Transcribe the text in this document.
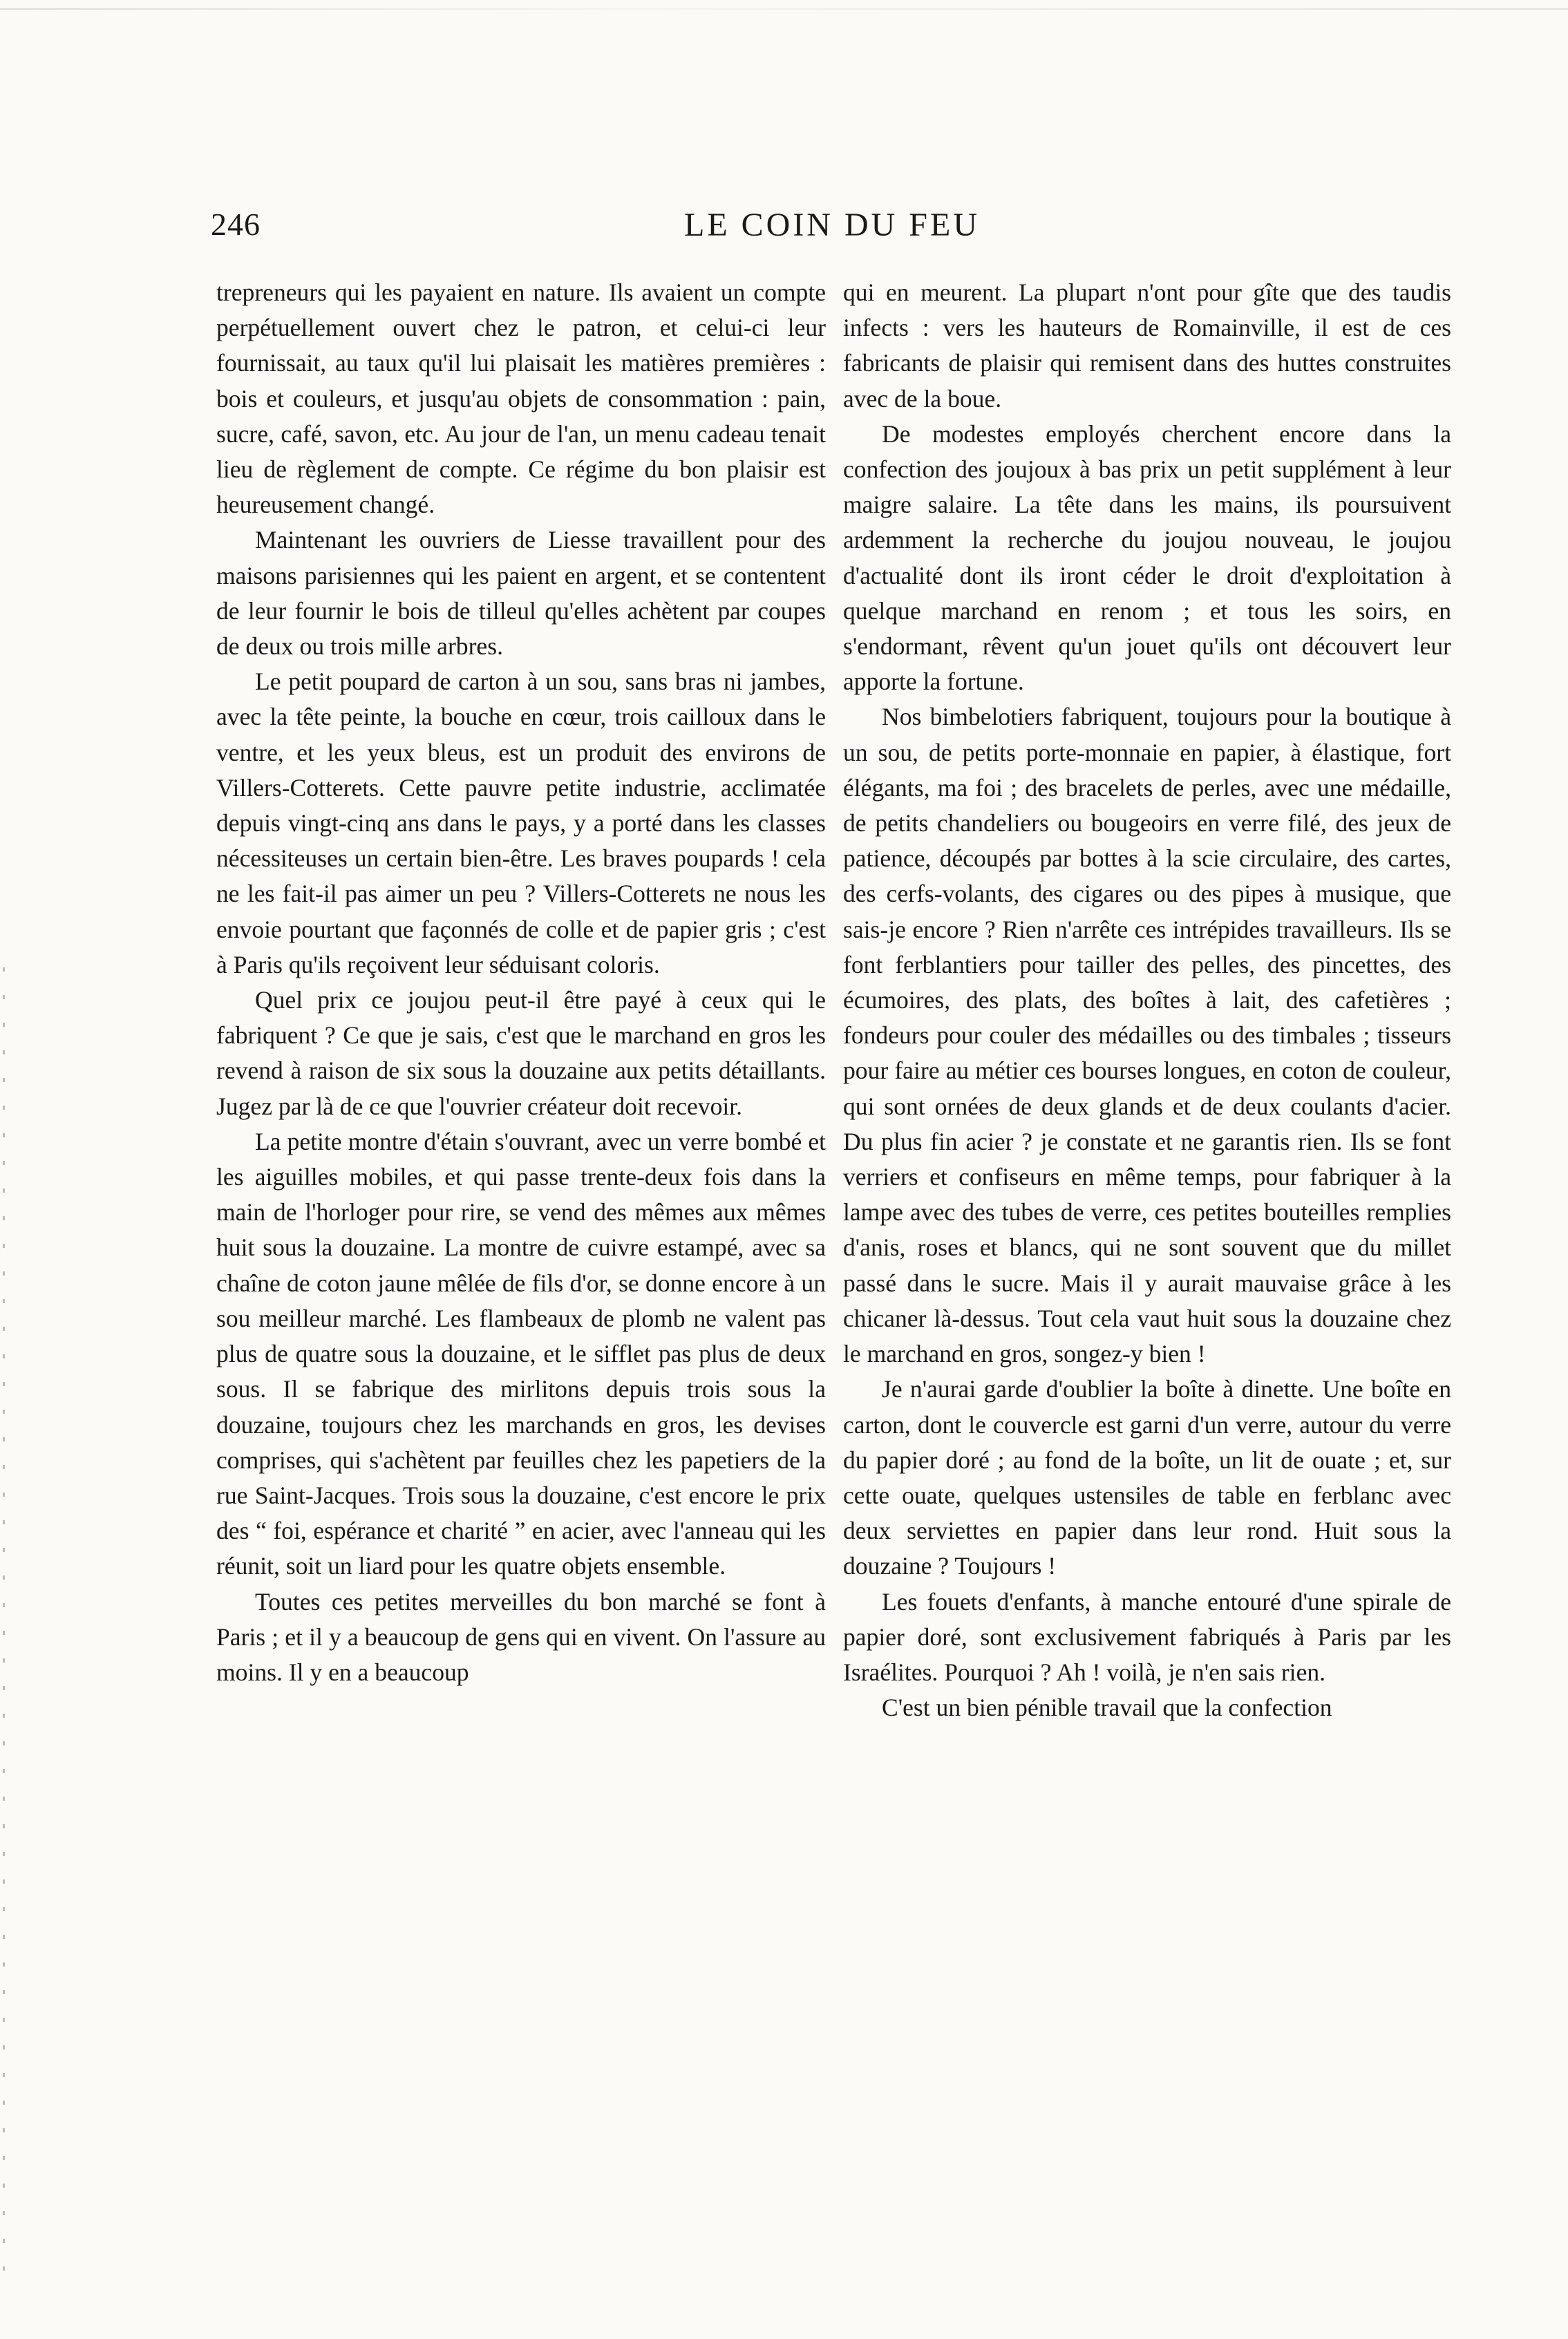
246	LE COIN DU FEU

trepreneurs qui les payaient en nature. Ils avaient un compte perpétuellement ouvert chez le patron, et celui-ci leur fournissait, au taux qu'il lui plaisait les matières premières : bois et couleurs, et jusqu'au objets de consommation : pain, sucre, café, savon, etc. Au jour de l'an, un menu cadeau tenait lieu de règlement de compte. Ce régime du bon plaisir est heureusement changé.

Maintenant les ouvriers de Liesse travaillent pour des maisons parisiennes qui les paient en argent, et se contentent de leur fournir le bois de tilleul qu'elles achètent par coupes de deux ou trois mille arbres.

Le petit poupard de carton à un sou, sans bras ni jambes, avec la tête peinte, la bouche en cœur, trois cailloux dans le ventre, et les yeux bleus, est un produit des environs de Villers-Cotterets. Cette pauvre petite industrie, acclimatée depuis vingt-cinq ans dans le pays, y a porté dans les classes nécessiteuses un certain bien-être. Les braves poupards ! cela ne les fait-il pas aimer un peu ? Villers-Cotterets ne nous les envoie pourtant que façonnés de colle et de papier gris ; c'est à Paris qu'ils reçoivent leur séduisant coloris.

Quel prix ce joujou peut-il être payé à ceux qui le fabriquent ? Ce que je sais, c'est que le marchand en gros les revend à raison de six sous la douzaine aux petits détaillants. Jugez par là de ce que l'ouvrier créateur doit recevoir.

La petite montre d'étain s'ouvrant, avec un verre bombé et les aiguilles mobiles, et qui passe trente-deux fois dans la main de l'horloger pour rire, se vend des mêmes aux mêmes huit sous la douzaine. La montre de cuivre estampé, avec sa chaîne de coton jaune mêlée de fils d'or, se donne encore à un sou meilleur marché. Les flambeaux de plomb ne valent pas plus de quatre sous la douzaine, et le sifflet pas plus de deux sous. Il se fabrique des mirlitons depuis trois sous la douzaine, toujours chez les marchands en gros, les devises comprises, qui s'achètent par feuilles chez les papetiers de la rue Saint-Jacques. Trois sous la douzaine, c'est encore le prix des “ foi, espérance et charité ” en acier, avec l'anneau qui les réunit, soit un liard pour les quatre objets ensemble.

Toutes ces petites merveilles du bon marché se font à Paris ; et il y a beaucoup de gens qui en vivent. On l'assure au moins. Il y en a beaucoup

qui en meurent. La plupart n'ont pour gîte que des taudis infects : vers les hauteurs de Romainville, il est de ces fabricants de plaisir qui remisent dans des huttes construites avec de la boue.

De modestes employés cherchent encore dans la confection des joujoux à bas prix un petit supplément à leur maigre salaire. La tête dans les mains, ils poursuivent ardemment la recherche du joujou nouveau, le joujou d'actualité dont ils iront céder le droit d'exploitation à quelque marchand en renom ; et tous les soirs, en s'endormant, rêvent qu'un jouet qu'ils ont découvert leur apporte la fortune.

Nos bimbelotiers fabriquent, toujours pour la boutique à un sou, de petits porte-monnaie en papier, à élastique, fort élégants, ma foi ; des bracelets de perles, avec une médaille, de petits chandeliers ou bougeoirs en verre filé, des jeux de patience, découpés par bottes à la scie circulaire, des cartes, des cerfs-volants, des cigares ou des pipes à musique, que sais-je encore ? Rien n'arrête ces intrépides travailleurs. Ils se font ferblantiers pour tailler des pelles, des pincettes, des écumoires, des plats, des boîtes à lait, des cafetières ; fondeurs pour couler des médailles ou des timbales ; tisseurs pour faire au métier ces bourses longues, en coton de couleur, qui sont ornées de deux glands et de deux coulants d'acier. Du plus fin acier ? je constate et ne garantis rien. Ils se font verriers et confiseurs en même temps, pour fabriquer à la lampe avec des tubes de verre, ces petites bouteilles remplies d'anis, roses et blancs, qui ne sont souvent que du millet passé dans le sucre. Mais il y aurait mauvaise grâce à les chicaner là-dessus. Tout cela vaut huit sous la douzaine chez le marchand en gros, songez-y bien !

Je n'aurai garde d'oublier la boîte à dinette. Une boîte en carton, dont le couvercle est garni d'un verre, autour du verre du papier doré ; au fond de la boîte, un lit de ouate ; et, sur cette ouate, quelques ustensiles de table en ferblanc avec deux serviettes en papier dans leur rond. Huit sous la douzaine ? Toujours !

Les fouets d'enfants, à manche entouré d'une spirale de papier doré, sont exclusivement fabriqués à Paris par les Israélites. Pourquoi ? Ah ! voilà, je n'en sais rien.

C'est un bien pénible travail que la confection
